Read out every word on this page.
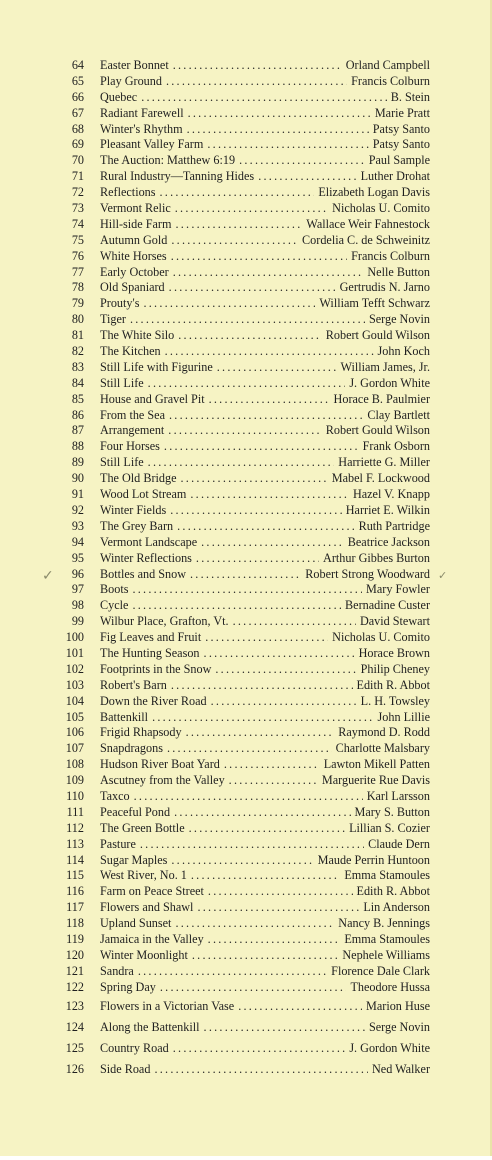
64 Easter Bonnet . . .	Orland Campbell
65 Play Ground . . .	Francis Colburn
66 Quebec . . .	B. Stein
67 Radiant Farewell . . .	Marie Pratt
68 Winter's Rhythm . . .	Patsy Santo
69 Pleasant Valley Farm . . .	Patsy Santo
70 The Auction: Matthew 6:19 . . .	Paul Sample
71 Rural Industry—Tanning Hides . . .	Luther Drohat
72 Reflections . . .	Elizabeth Logan Davis
73 Vermont Relic . . .	Nicholas U. Comito
74 Hill-side Farm . . .	Wallace Weir Fahnestock
75 Autumn Gold . . .	Cordelia C. de Schweinitz
76 White Horses . . .	Francis Colburn
77 Early October . . .	Nelle Button
78 Old Spaniard . . .	Gertrudis N. Jarno
79 Prouty's . . .	William Tefft Schwarz
80 Tiger . . .	Serge Novin
81 The White Silo . . .	Robert Gould Wilson
82 The Kitchen . . .	John Koch
83 Still Life with Figurine . . .	William James, Jr.
84 Still Life . . .	J. Gordon White
85 House and Gravel Pit . . .	Horace B. Paulmier
86 From the Sea . . .	Clay Bartlett
87 Arrangement . . .	Robert Gould Wilson
88 Four Horses . . .	Frank Osborn
89 Still Life . . .	Harriette G. Miller
90 The Old Bridge . . .	Mabel F. Lockwood
91 Wood Lot Stream . . .	Hazel V. Knapp
92 Winter Fields . . .	Harriet E. Wilkin
93 The Grey Barn . . .	Ruth Partridge
94 Vermont Landscape . . .	Beatrice Jackson
95 Winter Reflections . . .	Arthur Gibbes Burton
96 Bottles and Snow . . .	Robert Strong Woodward
97 Boots . . .	Mary Fowler
98 Cycle . . .	Bernadine Custer
99 Wilbur Place, Grafton, Vt. . . .	David Stewart
100 Fig Leaves and Fruit . . .	Nicholas U. Comito
101 The Hunting Season . . .	Horace Brown
102 Footprints in the Snow . . .	Philip Cheney
103 Robert's Barn . . .	Edith R. Abbot
104 Down the River Road . . .	L. H. Towsley
105 Battenkill . . .	John Lillie
106 Frigid Rhapsody . . .	Raymond D. Rodd
107 Snapdragons . . .	Charlotte Malsbary
108 Hudson River Boat Yard . . .	Lawton Mikell Patten
109 Ascutney from the Valley . . .	Marguerite Rue Davis
110 Taxco . . .	Karl Larsson
111 Peaceful Pond . . .	Mary S. Button
112 The Green Bottle . . .	Lillian S. Cozier
113 Pasture . . .	Claude Dern
114 Sugar Maples . . .	Maude Perrin Huntoon
115 West River, No. 1 . . .	Emma Stamoules
116 Farm on Peace Street . . .	Edith R. Abbot
117 Flowers and Shawl . . .	Lin Anderson
118 Upland Sunset . . .	Nancy B. Jennings
119 Jamaica in the Valley . . .	Emma Stamoules
120 Winter Moonlight . . .	Nephele Williams
121 Sandra . . .	Florence Dale Clark
122 Spring Day . . .	Theodore Hussa
123 Flowers in a Victorian Vase . . .	Marion Huse
124 Along the Battenkill . . .	Serge Novin
125 Country Road . . .	J. Gordon White
126 Side Road . . .	Ned Walker
✓	✓
